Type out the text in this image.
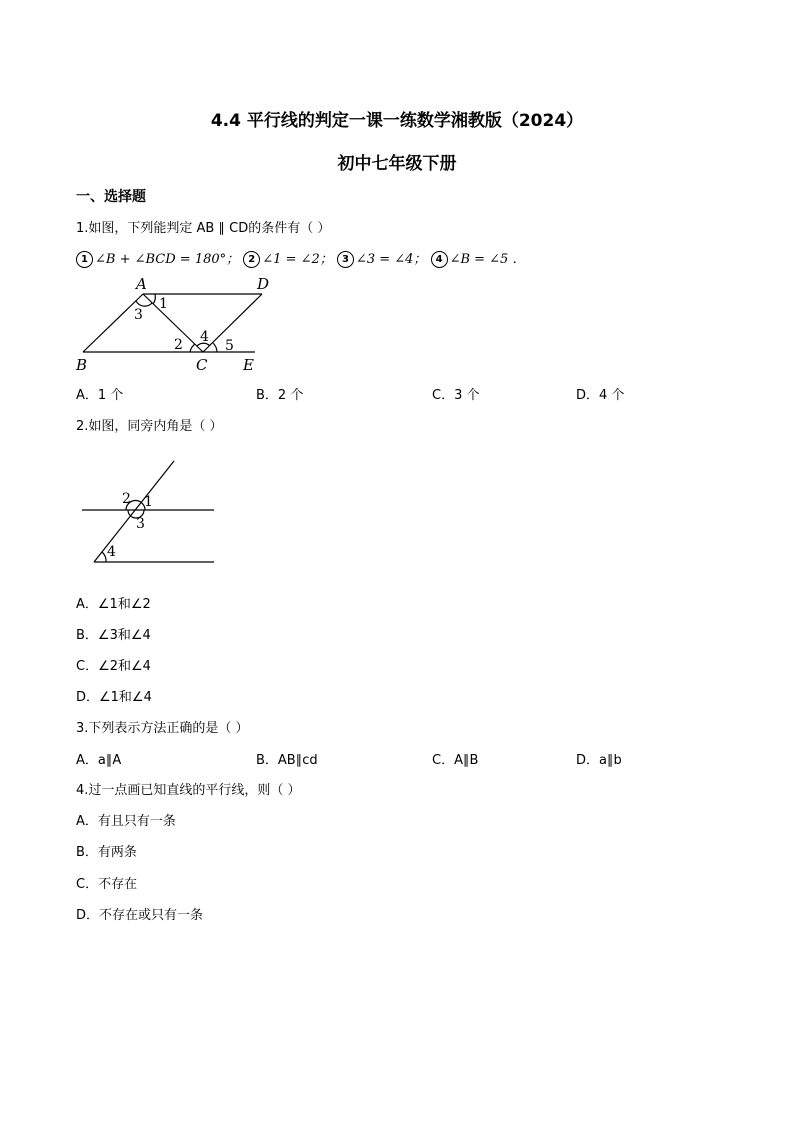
4.4 平行线的判定一课一练数学湘教版（2024）
初中七年级下册
一、选择题
1.如图，下列能判定 AB ∥ CD的条件有（ ）
1 ∠B + ∠BCD = 180°； 2 ∠1 = ∠2； 3 ∠3 = ∠4； 4 ∠B = ∠5 ．
A	D
B	C E
1
3
2 4
5
A．1 个	B．2 个	C．3 个	D．4 个
2.如图，同旁内角是（ ）
2 1
3
4
A．∠1和∠2
B．∠3和∠4
C．∠2和∠4
D．∠1和∠4
3.下列表示方法正确的是（ ）
A．a∥A	B．AB∥cd	C．A∥B	D．a∥b
4.过一点画已知直线的平行线，则（ ）
A．有且只有一条
B．有两条
C．不存在
D．不存在或只有一条
